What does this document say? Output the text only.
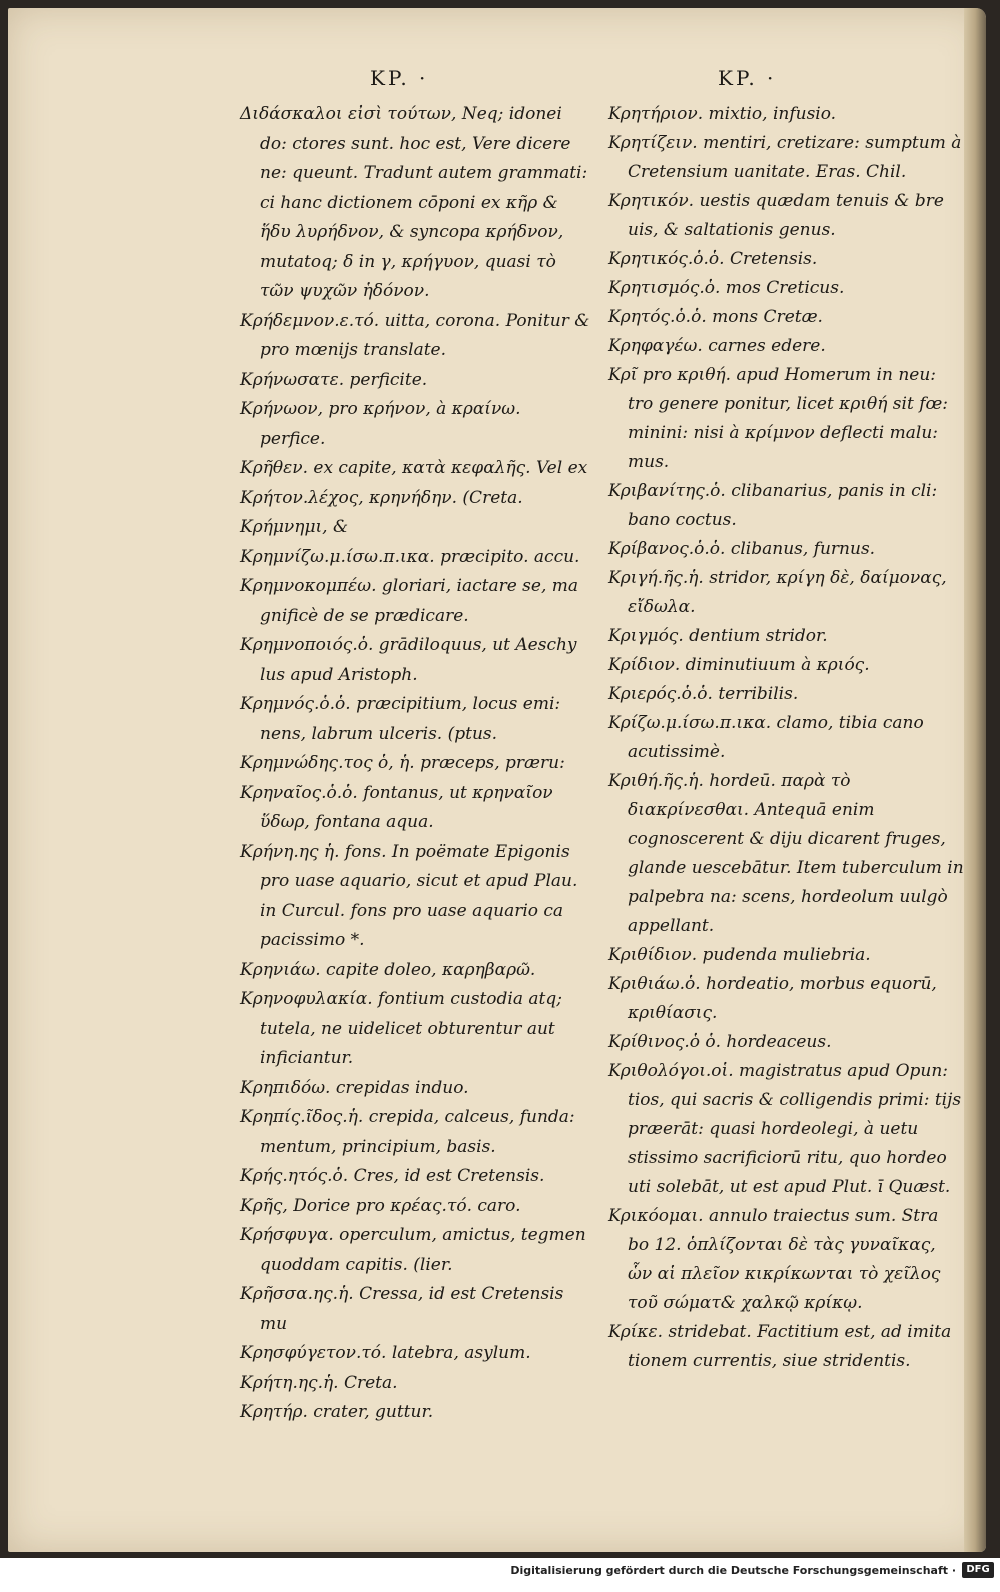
KP. ·	KP. ·
Διδάσκαλοι εἰσὶ τούτων, Neq; idonei do: ctores sunt. hoc est, Vere dicere ne: queunt. Tradunt autem grammati: ci hanc dictionem cōponi ex κῆρ & ἥδυ λυρήδνον, & syncopa κρήδνον, mutatoq; δ in γ, κρήγυον, quasi τὸ τῶν ψυχῶν ἡδόνον.
Κρήδεμνον.ε.τό. uitta, corona. Ponitur & pro mœnijs translate.
Κρήνωσατε. perficite.
Κρήνωον, pro κρήνον, à κραίνω. perfice.
Κρῆθεν. ex capite, κατὰ κεφαλῆς. Vel ex
Κρήτον.λέχος, κρηνήδην. (Creta.
Κρήμνημι, &
Κρημνίζω.μ.ίσω.π.ικα. præcipito. accu.
Κρημνοκομπέω. gloriari, iactare se, ma gnificè de se prædicare.
Κρημνοποιός.ὁ. grādiloquus, ut Aeschy lus apud Aristoph.
Κρημνός.ὁ.ὁ. præcipitium, locus emi: nens, labrum ulceris. (ptus.
Κρημνώδης.τος ὁ, ἡ. præceps, præru:
Κρηναῖος.ὁ.ὁ. fontanus, ut κρηναῖον ὕδωρ, fontana aqua.
Κρήνη.ης ἡ. fons. In poëmate Epigonis pro uase aquario, sicut et apud Plau. in Curcul. fons pro uase aquario ca pacissimo *.
Κρηνιάω. capite doleo, καρηβαρῶ.
Κρηνοφυλακία. fontium custodia atq; tutela, ne uidelicet obturentur aut inficiantur.
Κρηπιδόω. crepidas induo.
Κρηπίς.ῖδος.ἡ. crepida, calceus, funda: mentum, principium, basis.
Κρής.ητός.ὁ. Cres, id est Cretensis.
Κρῆς, Dorice pro κρέας.τό. caro.
Κρήσφυγα. operculum, amictus, tegmen quoddam capitis. (lier.
Κρῆσσα.ης.ἡ. Cressa, id est Cretensis mu
Κρησφύγετον.τό. latebra, asylum.
Κρήτη.ης.ἡ. Creta.
Κρητήρ. crater, guttur.
Κρητήριον. mixtio, infusio.
Κρητίζειν. mentiri, cretizare: sumptum à Cretensium uanitate. Eras. Chil.
Κρητικόν. uestis quædam tenuis & bre uis, & saltationis genus.
Κρητικός.ὁ.ὁ. Cretensis.
Κρητισμός.ὁ. mos Creticus.
Κρητός.ὁ.ὁ. mons Cretæ.
Κρηφαγέω. carnes edere.
Κρῖ pro κριθή. apud Homerum in neu: tro genere ponitur, licet κριθή sit fœ: minini: nisi à κρίμνον deflecti malu: mus.
Κριβανίτης.ὁ. clibanarius, panis in cli: bano coctus.
Κρίβανος.ὁ.ὁ. clibanus, furnus.
Κριγή.ῆς.ἡ. stridor, κρίγη δὲ, δαίμονας, εἴδωλα.
Κριγμός. dentium stridor.
Κρίδιον. diminutiuum à κριός.
Κριερός.ὁ.ὁ. terribilis.
Κρίζω.μ.ίσω.π.ικα. clamo, tibia cano acutissimè.
Κριθή.ῆς.ἡ. hordeū. παρὰ τὸ διακρίνεσθαι. Antequā enim cognoscerent & diju dicarent fruges, glande uescebātur. Item tuberculum in palpebra na: scens, hordeolum uulgò appellant.
Κριθίδιον. pudenda muliebria.
Κριθιάω.ὁ. hordeatio, morbus equorū, κριθίασις.
Κρίθινος.ὁ ὁ. hordeaceus.
Κριθολόγοι.οἱ. magistratus apud Opun: tios, qui sacris & colligendis primi: tijs præerāt: quasi hordeolegi, à uetu stissimo sacrificiorū ritu, quo hordeo uti solebāt, ut est apud Plut. ī Quæst.
Κρικόομαι. annulo traiectus sum. Stra bo 12. ὁπλίζονται δὲ τὰς γυναῖκας, ὧν αἱ πλεῖον κικρίκωνται τὸ χεῖλος τοῦ σώματ& χαλκῷ κρίκῳ.
Κρίκε. stridebat. Factitium est, ad imita tionem currentis, siue stridentis.
Digitalisierung gefördert durch die Deutsche Forschungsgemeinschaft ·	DFG
